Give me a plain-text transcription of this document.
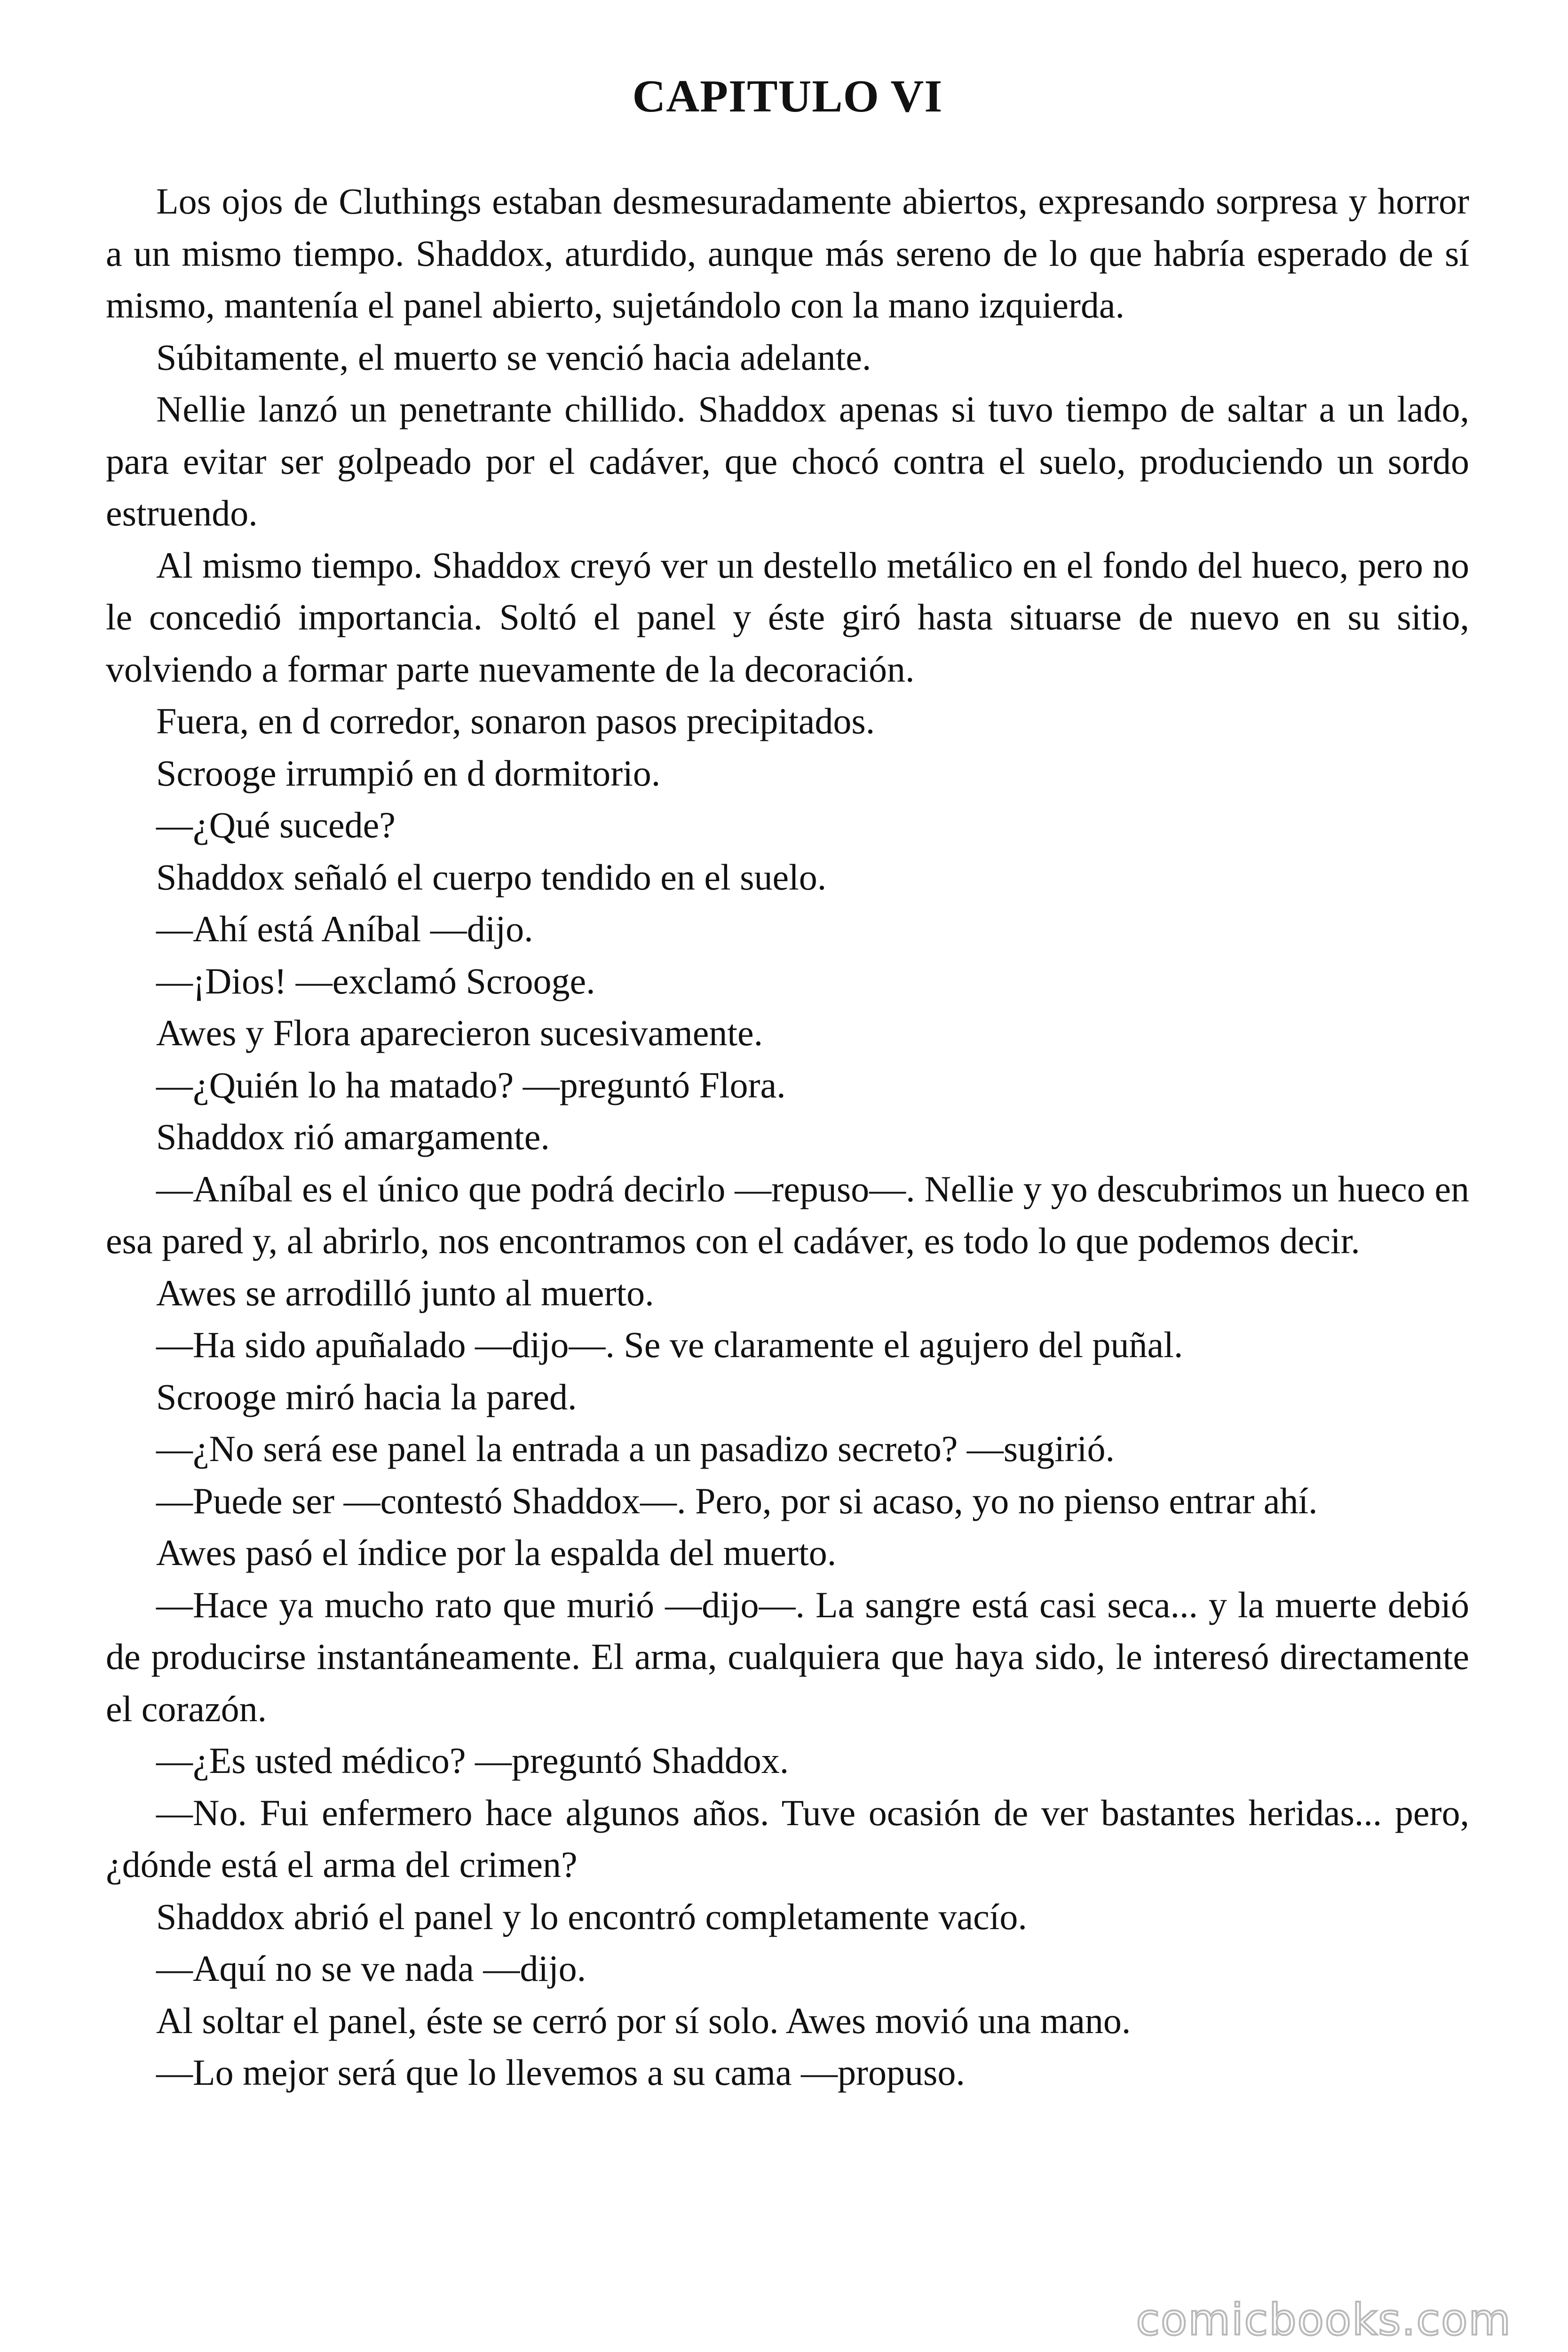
CAPITULO VI

Los ojos de Cluthings estaban desmesuradamente abiertos, expresando sorpresa y horror a un mismo tiempo. Shaddox, aturdido, aunque más sereno de lo que habría esperado de sí mismo, mantenía el panel abierto, sujetándolo con la mano izquierda.

Súbitamente, el muerto se venció hacia adelante.

Nellie lanzó un penetrante chillido. Shaddox apenas si tuvo tiempo de saltar a un lado, para evitar ser golpeado por el cadáver, que chocó contra el suelo, produciendo un sordo estruendo.

Al mismo tiempo. Shaddox creyó ver un destello metálico en el fondo del hueco, pero no le concedió importancia. Soltó el panel y éste giró hasta situarse de nuevo en su sitio, volviendo a formar parte nuevamente de la decoración.

Fuera, en d corredor, sonaron pasos precipitados.

Scrooge irrumpió en d dormitorio.

—¿Qué sucede?

Shaddox señaló el cuerpo tendido en el suelo.

—Ahí está Aníbal —dijo.

—¡Dios! —exclamó Scrooge.

Awes y Flora aparecieron sucesivamente.

—¿Quién lo ha matado? —preguntó Flora.

Shaddox rió amargamente.

—Aníbal es el único que podrá decirlo —repuso—. Nellie y yo descubrimos un hueco en esa pared y, al abrirlo, nos encontramos con el cadáver, es todo lo que podemos decir.

Awes se arrodilló junto al muerto.

—Ha sido apuñalado —dijo—. Se ve claramente el agujero del puñal.

Scrooge miró hacia la pared.

—¿No será ese panel la entrada a un pasadizo secreto? —sugirió.

—Puede ser —contestó Shaddox—. Pero, por si acaso, yo no pienso entrar ahí.

Awes pasó el índice por la espalda del muerto.

—Hace ya mucho rato que murió —dijo—. La sangre está casi seca... y la muerte debió de producirse instantáneamente. El arma, cualquiera que haya sido, le interesó directamente el corazón.

—¿Es usted médico? —preguntó Shaddox.

—No. Fui enfermero hace algunos años. Tuve ocasión de ver bastantes heridas... pero, ¿dónde está el arma del crimen?

Shaddox abrió el panel y lo encontró completamente vacío.

—Aquí no se ve nada —dijo.

Al soltar el panel, éste se cerró por sí solo. Awes movió una mano.

—Lo mejor será que lo llevemos a su cama —propuso.

comicbooks.com
